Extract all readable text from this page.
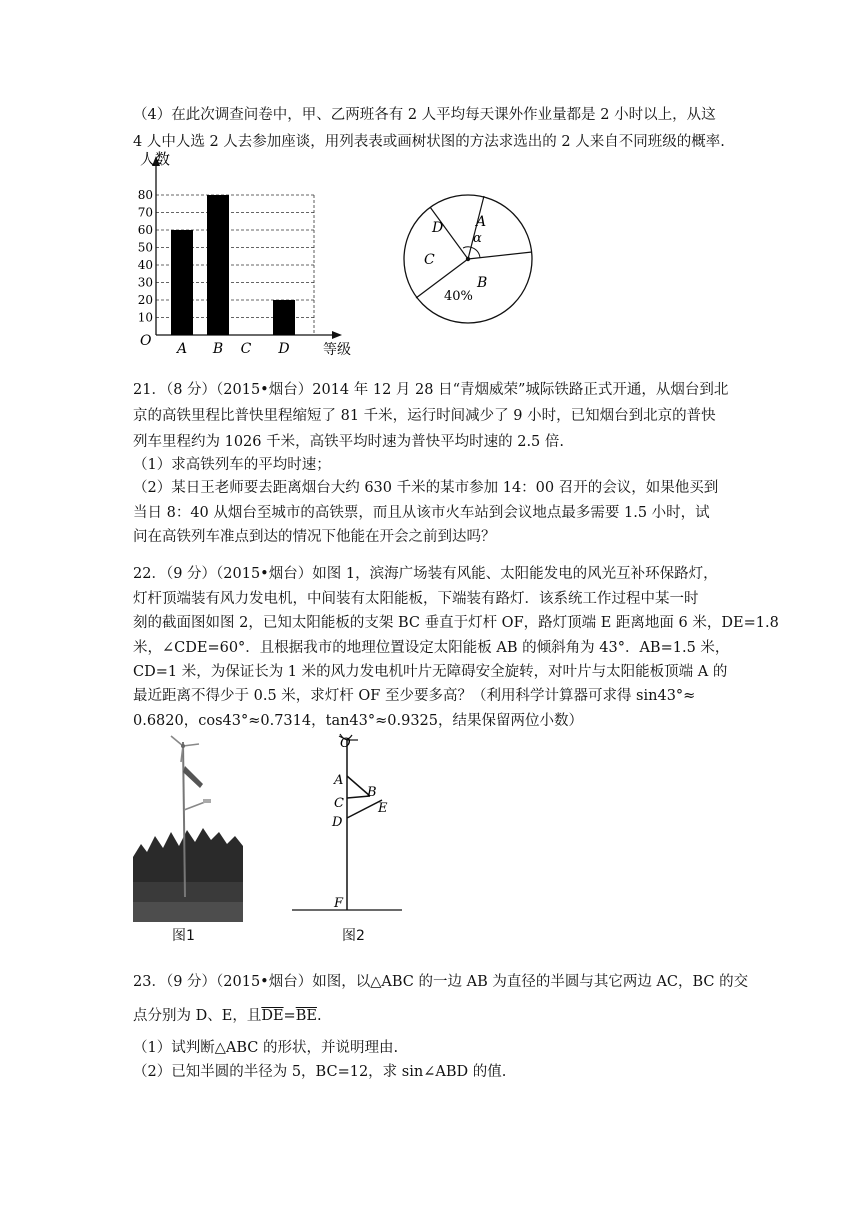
（4）在此次调查问卷中，甲、乙两班各有 2 人平均每天课外作业量都是 2 小时以上，从这
4 人中人选 2 人去参加座谈，用列表表或画树状图的方法求选出的 2 人来自不同班级的概率.
人数
等级
O
10
20
30
40
50
60
70
80
A B C D
A
α
D
C
B
40%
21．（8 分）（2015•烟台）2014 年 12 月 28 日“青烟威荣”城际铁路正式开通，从烟台到北
京的高铁里程比普快里程缩短了 81 千米，运行时间减少了 9 小时，已知烟台到北京的普快
列车里程约为 1026 千米，高铁平均时速为普快平均时速的 2.5 倍.
（1）求高铁列车的平均时速；
（2）某日王老师要去距离烟台大约 630 千米的某市参加 14：00 召开的会议，如果他买到
当日 8：40 从烟台至城市的高铁票，而且从该市火车站到会议地点最多需要 1.5 小时，试
问在高铁列车准点到达的情况下他能在开会之前到达吗？
22．（9 分）（2015•烟台）如图 1，滨海广场装有风能、太阳能发电的风光互补环保路灯，
灯杆顶端装有风力发电机，中间装有太阳能板，下端装有路灯．该系统工作过程中某一时
刻的截面图如图 2，已知太阳能板的支架 BC 垂直于灯杆 OF，路灯顶端 E 距离地面 6 米，DE=1.8
米，∠CDE=60°．且根据我市的地理位置设定太阳能板 AB 的倾斜角为 43°．AB=1.5 米，
CD=1 米，为保证长为 1 米的风力发电机叶片无障碍安全旋转，对叶片与太阳能板顶端 A 的
最近距离不得少于 0.5 米，求灯杆 OF 至少要多高？（利用科学计算器可求得 sin43°≈
0.6820，cos43°≈0.7314，tan43°≈0.9325，结果保留两位小数）
O
A
B
C	E
D
F
图1	图2
23．（9 分）（2015•烟台）如图，以△ABC 的一边 AB 为直径的半圆与其它两边 AC，BC 的交
点分别为 D、E，且$\overline{DE}=\overline{BE}$.
（1）试判断△ABC 的形状，并说明理由.
（2）已知半圆的半径为 5，BC=12，求 sin∠ABD 的值.
